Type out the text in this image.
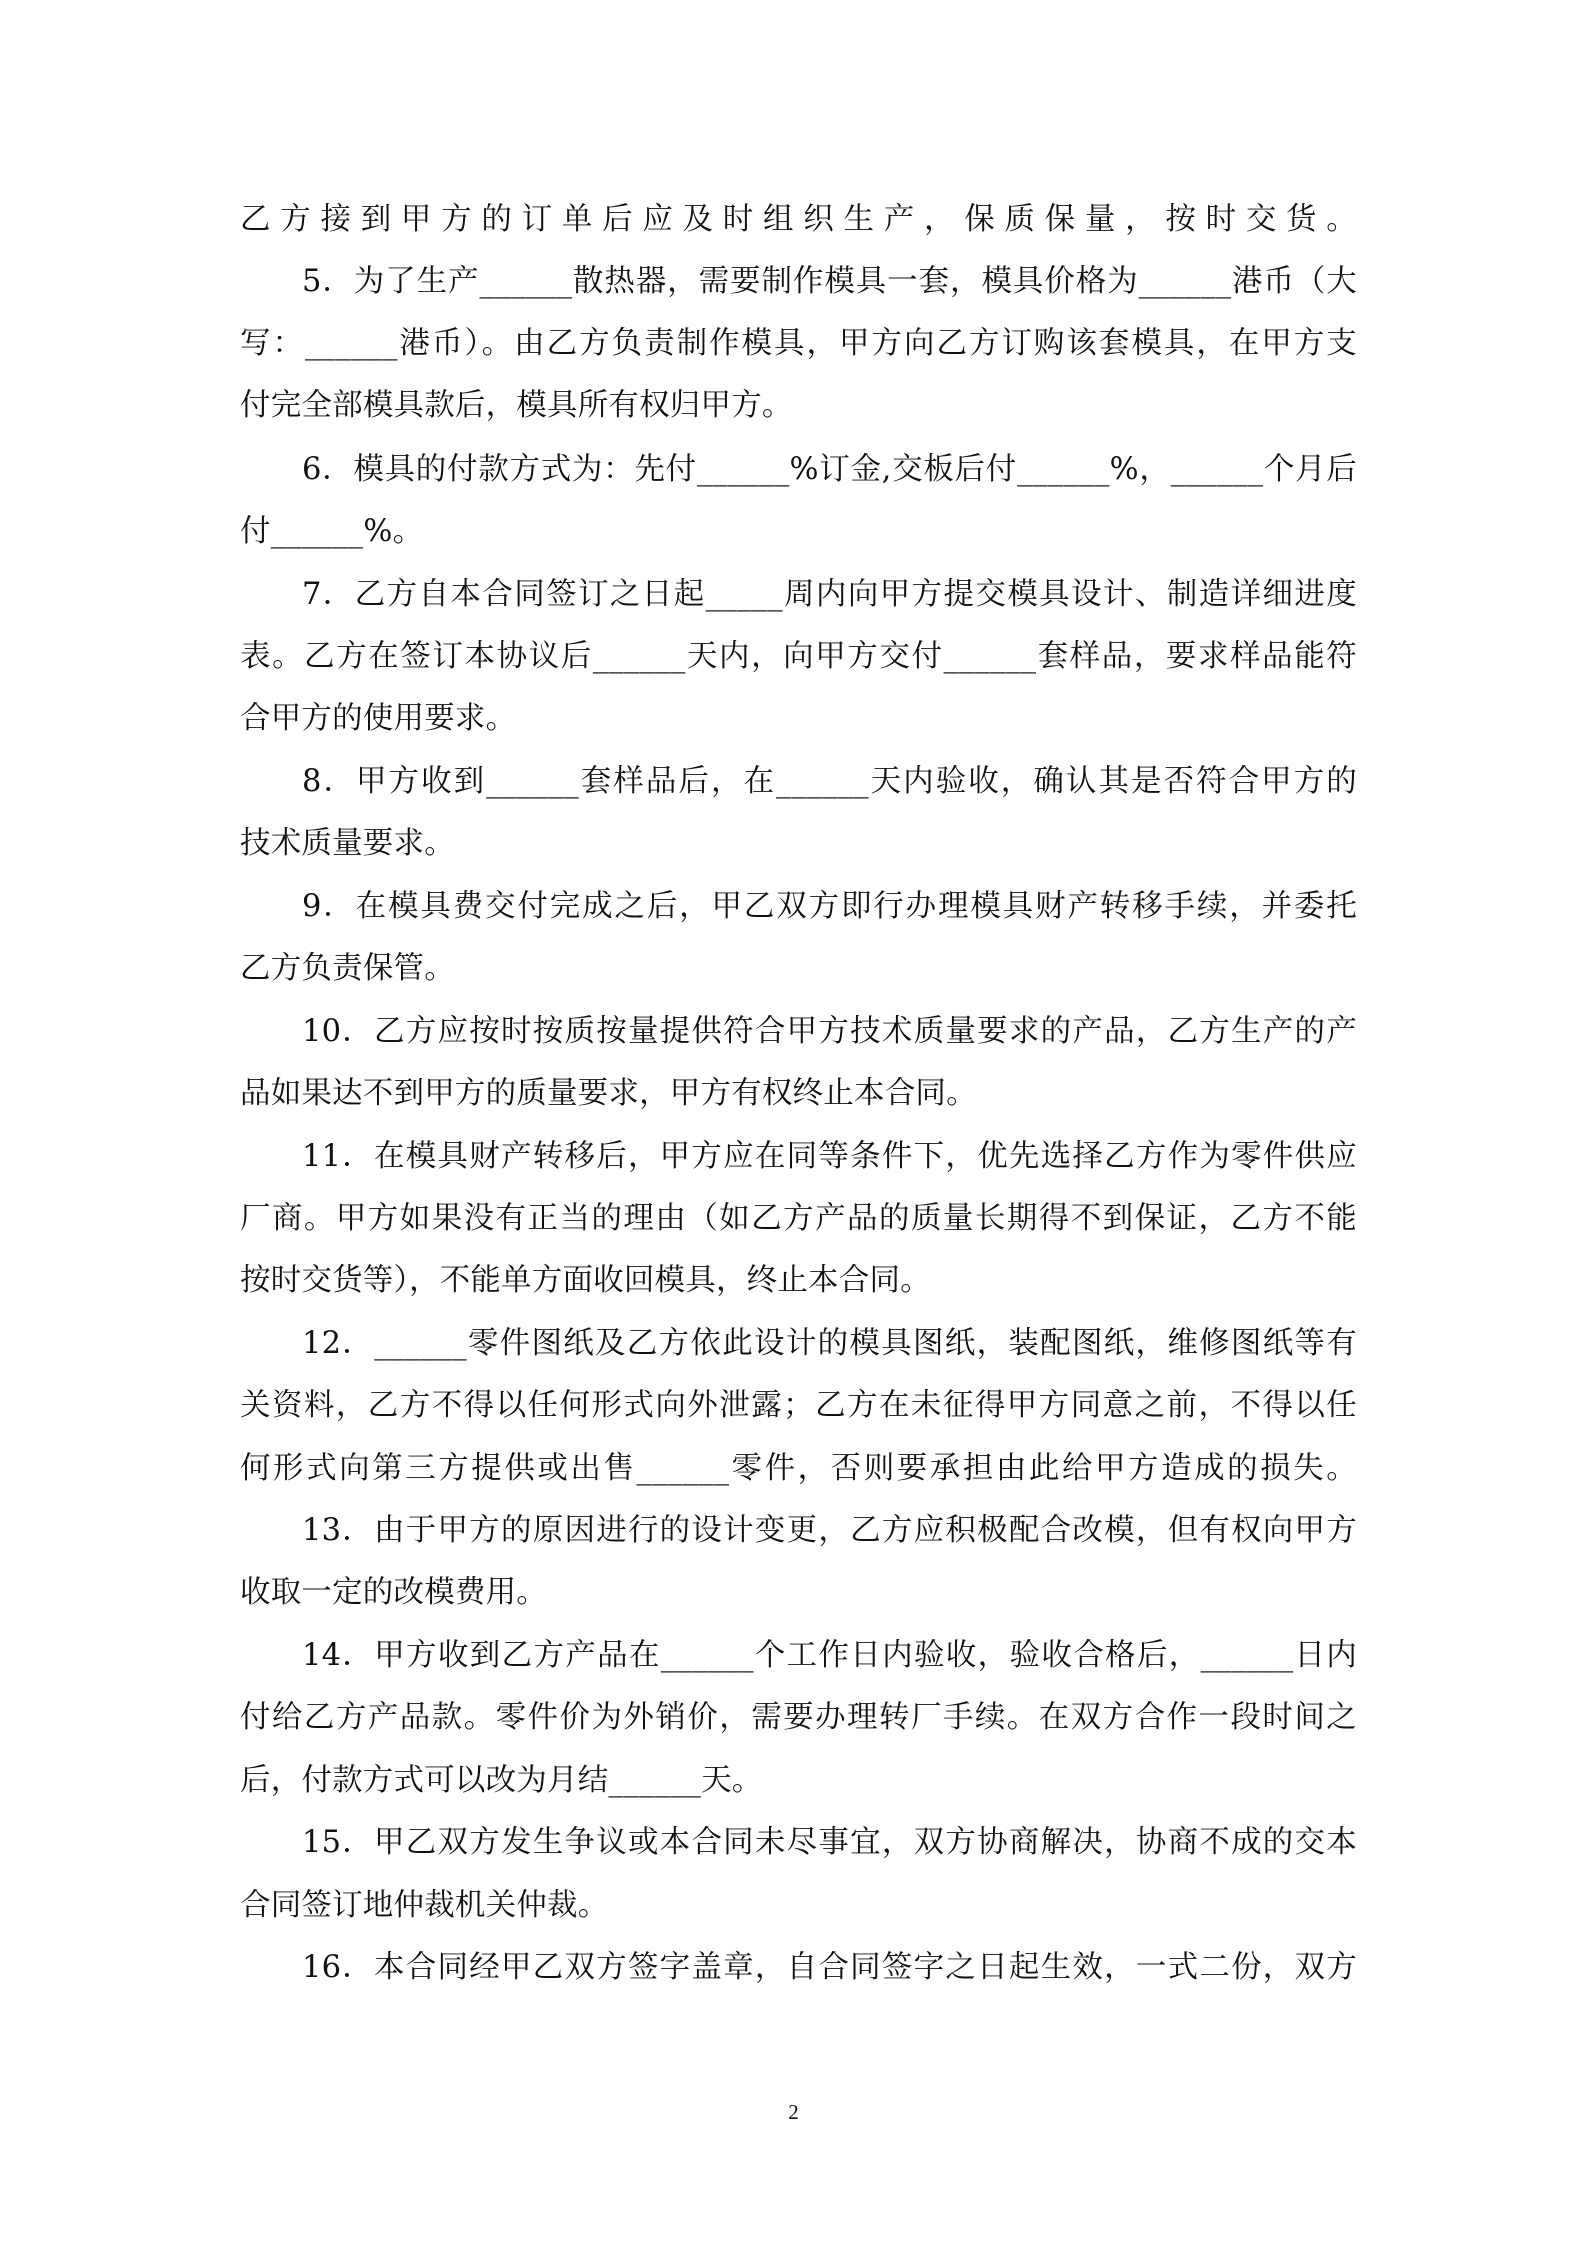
乙方接到甲方的订单后应及时组织生产，保质保量，按时交货。
5．为了生产______散热器，需要制作模具一套，模具价格为______港币（大
写：______港币）。由乙方负责制作模具，甲方向乙方订购该套模具，在甲方支
付完全部模具款后，模具所有权归甲方。
6．模具的付款方式为：先付______%订金,交板后付______%，______个月后
付______%。
7．乙方自本合同签订之日起_____周内向甲方提交模具设计、制造详细进度
表。乙方在签订本协议后______天内，向甲方交付______套样品，要求样品能符
合甲方的使用要求。
8．甲方收到______套样品后，在______天内验收，确认其是否符合甲方的
技术质量要求。
9．在模具费交付完成之后，甲乙双方即行办理模具财产转移手续，并委托
乙方负责保管。
10．乙方应按时按质按量提供符合甲方技术质量要求的产品，乙方生产的产
品如果达不到甲方的质量要求，甲方有权终止本合同。
11．在模具财产转移后，甲方应在同等条件下，优先选择乙方作为零件供应
厂商。甲方如果没有正当的理由（如乙方产品的质量长期得不到保证，乙方不能
按时交货等），不能单方面收回模具，终止本合同。
12．______零件图纸及乙方依此设计的模具图纸，装配图纸，维修图纸等有
关资料，乙方不得以任何形式向外泄露；乙方在未征得甲方同意之前，不得以任
何形式向第三方提供或出售______零件，否则要承担由此给甲方造成的损失。
13．由于甲方的原因进行的设计变更，乙方应积极配合改模，但有权向甲方
收取一定的改模费用。
14．甲方收到乙方产品在______个工作日内验收，验收合格后，______日内
付给乙方产品款。零件价为外销价，需要办理转厂手续。在双方合作一段时间之
后，付款方式可以改为月结______天。
15．甲乙双方发生争议或本合同未尽事宜，双方协商解决，协商不成的交本
合同签订地仲裁机关仲裁。
16．本合同经甲乙双方签字盖章，自合同签字之日起生效，一式二份，双方
2
